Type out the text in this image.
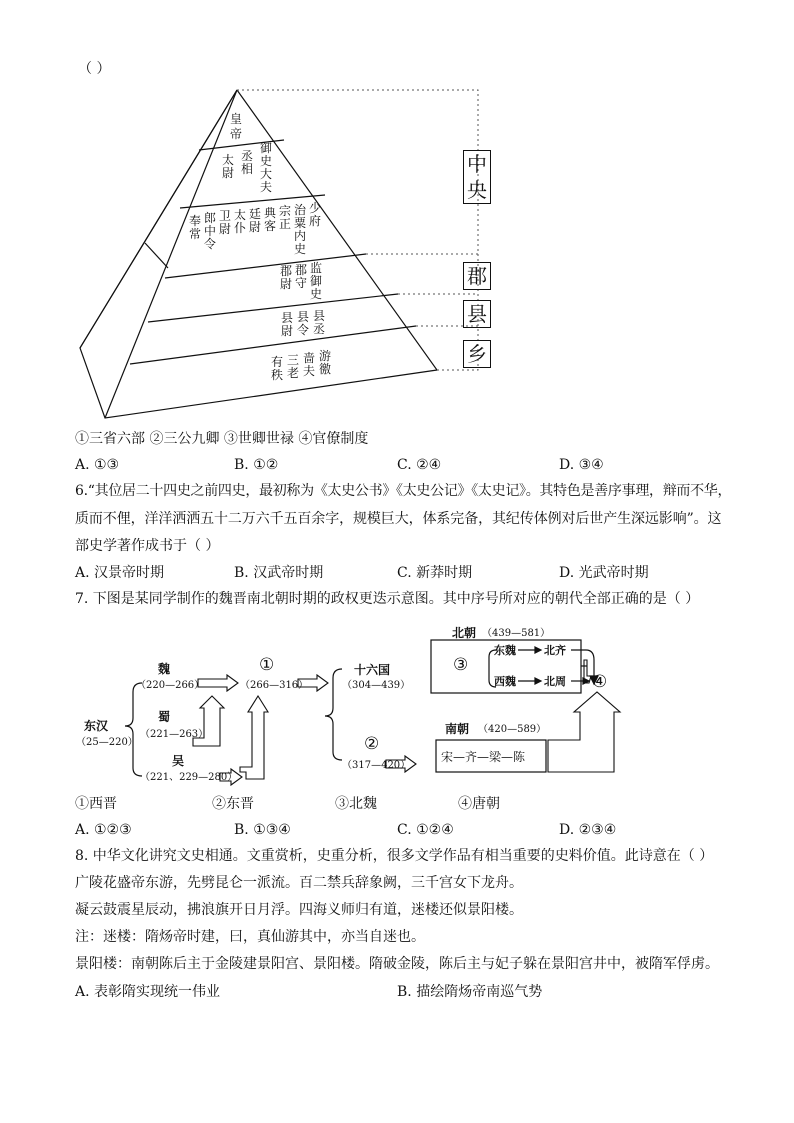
（ ）
皇帝
太尉
丞相
御史大夫
奉常
郎中令
卫尉
太仆
廷尉
典客
宗正
治粟
少府
内史
郡尉
郡守
监御史
县尉
县令
县丞
有秩
三老
啬夫
游徼
中央
郡
县
乡
①三省六部 ②三公九卿 ③世卿世禄 ④官僚制度
A. ①③	B. ①②	C. ②④	D. ③④
6.“其位居二十四史之前四史，最初称为《太史公书》《太史公记》《太史记》。其特色是善序事理，辩而不华，
质而不俚，洋洋洒洒五十二万六千五百余字，规模巨大，体系完备，其纪传体例对后世产生深远影响”。这
部史学著作成书于（ ）
A. 汉景帝时期	B. 汉武帝时期	C. 新莽时期	D. 光武帝时期
7. 下图是某同学制作的魏晋南北朝时期的政权更迭示意图。其中序号所对应的朝代全部正确的是（ ）
魏
（220—266）
东汉
（25—220）
蜀
（221—263）
吴
（221、229—280）
①
（266—316）
十六国
（304—439）
②
（317—420）
北朝 （439—581）
③
东魏	北齐
西魏	北周 ④
南朝 （420—589）
宋—齐—梁—陈
①西晋	②东晋	③北魏	④唐朝
A. ①②③	B. ①③④	C. ①②④	D. ②③④
8. 中华文化讲究文史相通。文重赏析，史重分析，很多文学作品有相当重要的史料价值。此诗意在（ ）
广陵花盛帝东游，先劈昆仑一派流。百二禁兵辞象阙，三千宫女下龙舟。
凝云鼓震星辰动，拂浪旗开日月浮。四海义师归有道，迷楼还似景阳楼。
注：迷楼：隋炀帝时建，曰，真仙游其中，亦当自迷也。
景阳楼：南朝陈后主于金陵建景阳宫、景阳楼。隋破金陵，陈后主与妃子躲在景阳宫井中，被隋军俘虏。
A. 表彰隋实现统一伟业	B. 描绘隋炀帝南巡气势
